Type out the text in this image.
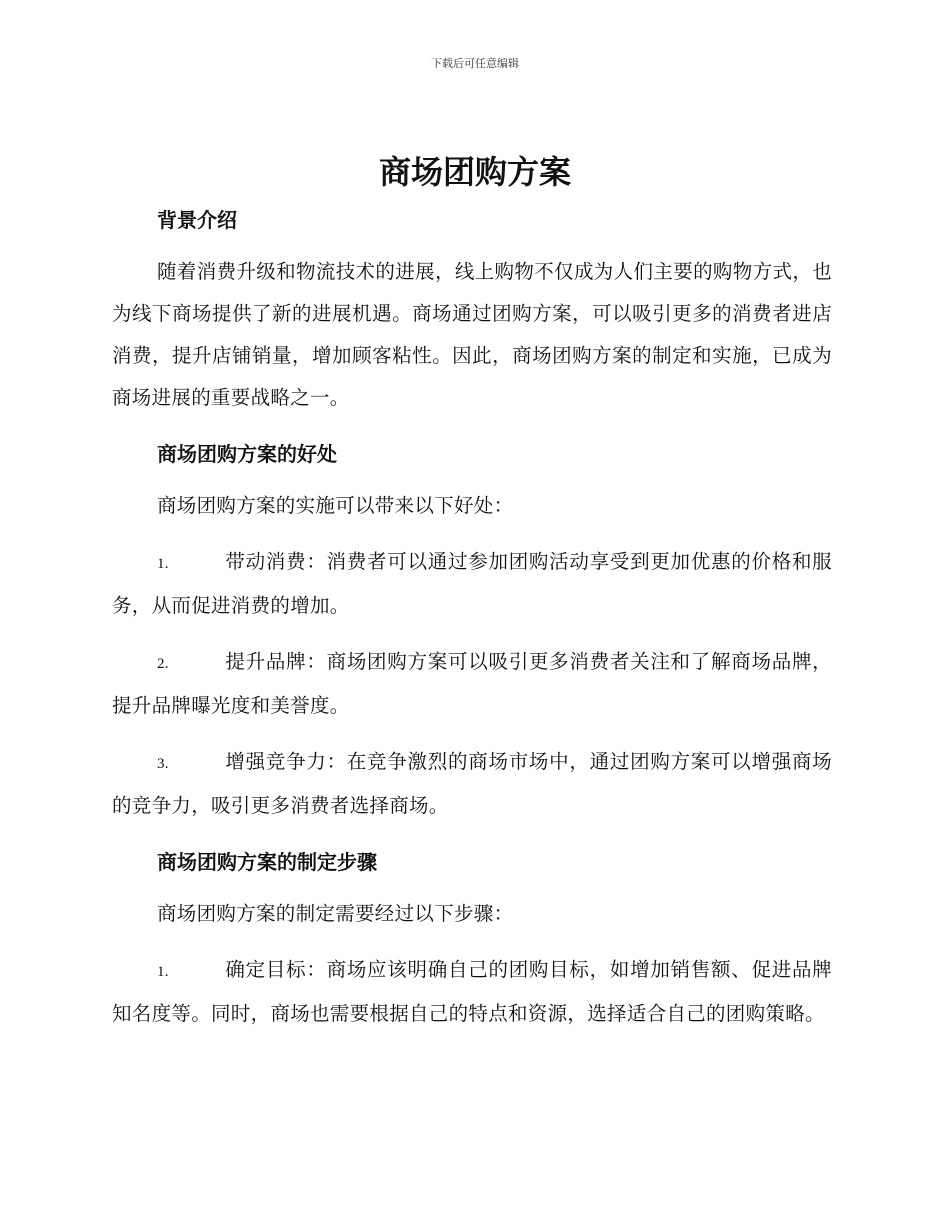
下载后可任意编辑
商场团购方案
背景介绍

随着消费升级和物流技术的进展，线上购物不仅成为人们主要的购物方式，也为线下商场提供了新的进展机遇。商场通过团购方案，可以吸引更多的消费者进店消费，提升店铺销量，增加顾客粘性。因此，商场团购方案的制定和实施，已成为商场进展的重要战略之一。

商场团购方案的好处

商场团购方案的实施可以带来以下好处：

1.	带动消费：消费者可以通过参加团购活动享受到更加优惠的价格和服务，从而促进消费的增加。

2.	提升品牌：商场团购方案可以吸引更多消费者关注和了解商场品牌，提升品牌曝光度和美誉度。

3.	增强竞争力：在竞争激烈的商场市场中，通过团购方案可以增强商场的竞争力，吸引更多消费者选择商场。

商场团购方案的制定步骤

商场团购方案的制定需要经过以下步骤：

1.	确定目标：商场应该明确自己的团购目标，如增加销售额、促进品牌知名度等。同时，商场也需要根据自己的特点和资源，选择适合自己的团购策略。
